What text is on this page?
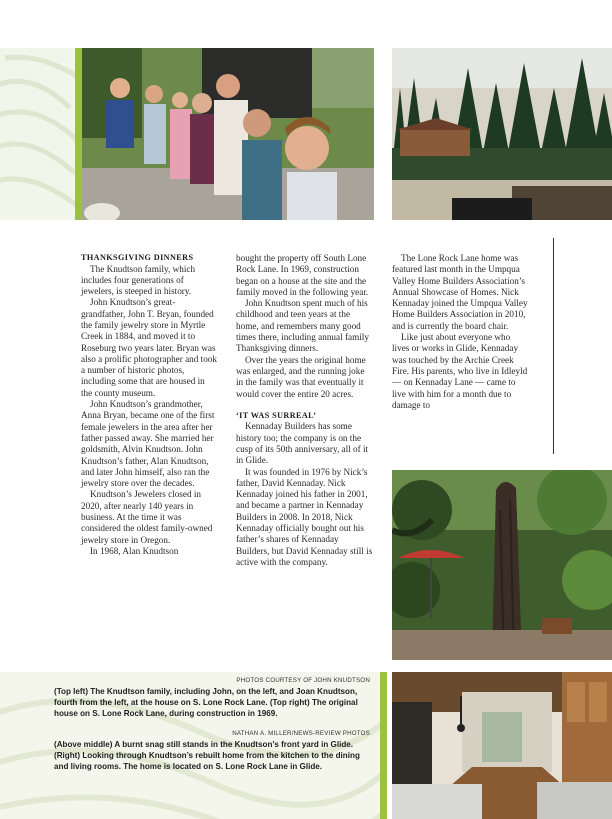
THANKSGIVING DINNERS

The Knudtson family, which includes four generations of jewelers, is steeped in history.

John Knudtson’s great-grandfather, John T. Bryan, founded the family jewelry store in Myrtle Creek in 1884, and moved it to Roseburg two years later. Bryan was also a prolific photographer and took a number of historic photos, including some that are housed in the county museum.

John Knudtson’s grandmother, Anna Bryan, became one of the first female jewelers in the area after her father passed away. She married her goldsmith, Alvin Knudtson. John Knudtson’s father, Alan Knudtson, and later John himself, also ran the jewelry store over the decades.

Knudtson’s Jewelers closed in 2020, after nearly 140 years in business. At the time it was considered the oldest family-owned jewelry store in Oregon.

In 1968, Alan Knudtson

bought the property off South Lone Rock Lane. In 1969, construction began on a house at the site and the family moved in the following year.

John Knudtson spent much of his childhood and teen years at the home, and remembers many good times there, including annual family Thanksgiving dinners.

Over the years the original home was enlarged, and the running joke in the family was that eventually it would cover the entire 20 acres.

‘IT WAS SURREAL’

Kennaday Builders has some history too; the company is on the cusp of its 50th anniversary, all of it in Glide.

It was founded in 1976 by Nick’s father, David Kennaday. Nick Kennaday joined his father in 2001, and became a partner in Kennaday Builders in 2008. In 2018, Nick Kennaday officially bought out his father’s shares of Kennaday Builders, but David Kennaday still is active with the company.

The Lone Rock Lane home was featured last month in the Umpqua Valley Home Builders Association’s Annual Showcase of Homes. Nick Kennaday joined the Umpqua Valley Home Builders Association in 2010, and is currently the board chair.

Like just about everyone who lives or works in Glide, Kennaday was touched by the Archie Creek Fire. His parents, who live in Idleyld — on Kennaday Lane — came to live with him for a month due to damage to

PHOTOS COURTESY OF JOHN KNUDTSON
(Top left) The Knudtson family, including John, on the left, and Joan Knudtson, fourth from the left, at the house on S. Lone Rock Lane. (Top right) The original house on S. Lone Rock Lane, during construction in 1969.
NATHAN A. MILLER/NEWS-REVIEW PHOTOS
(Above middle) A burnt snag still stands in the Knudtson’s front yard in Glide. (Right) Looking through Knudtson’s rebuilt home from the kitchen to the dining and living rooms. The home is located on S. Lone Rock Lane in Glide.
